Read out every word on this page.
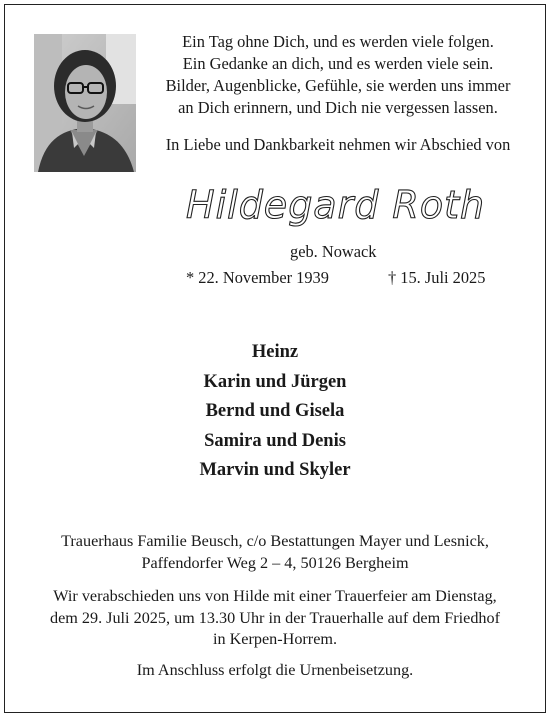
Ein Tag ohne Dich, und es werden viele folgen.
Ein Gedanke an dich, und es werden viele sein.
Bilder, Augenblicke, Gefühle, sie werden uns immer
an Dich erinnern, und Dich nie vergessen lassen.
In Liebe und Dankbarkeit nehmen wir Abschied von
Hildegard Roth
geb. Nowack
* 22. November 1939	† 15. Juli 2025
Heinz
Karin und Jürgen
Bernd und Gisela
Samira und Denis
Marvin und Skyler
Trauerhaus Familie Beusch, c/o Bestattungen Mayer und Lesnick,
Paffendorfer Weg 2 – 4, 50126 Bergheim
Wir verabschieden uns von Hilde mit einer Trauerfeier am Dienstag,
dem 29. Juli 2025, um 13.30 Uhr in der Trauerhalle auf dem Friedhof
in Kerpen-Horrem.
Im Anschluss erfolgt die Urnenbeisetzung.
